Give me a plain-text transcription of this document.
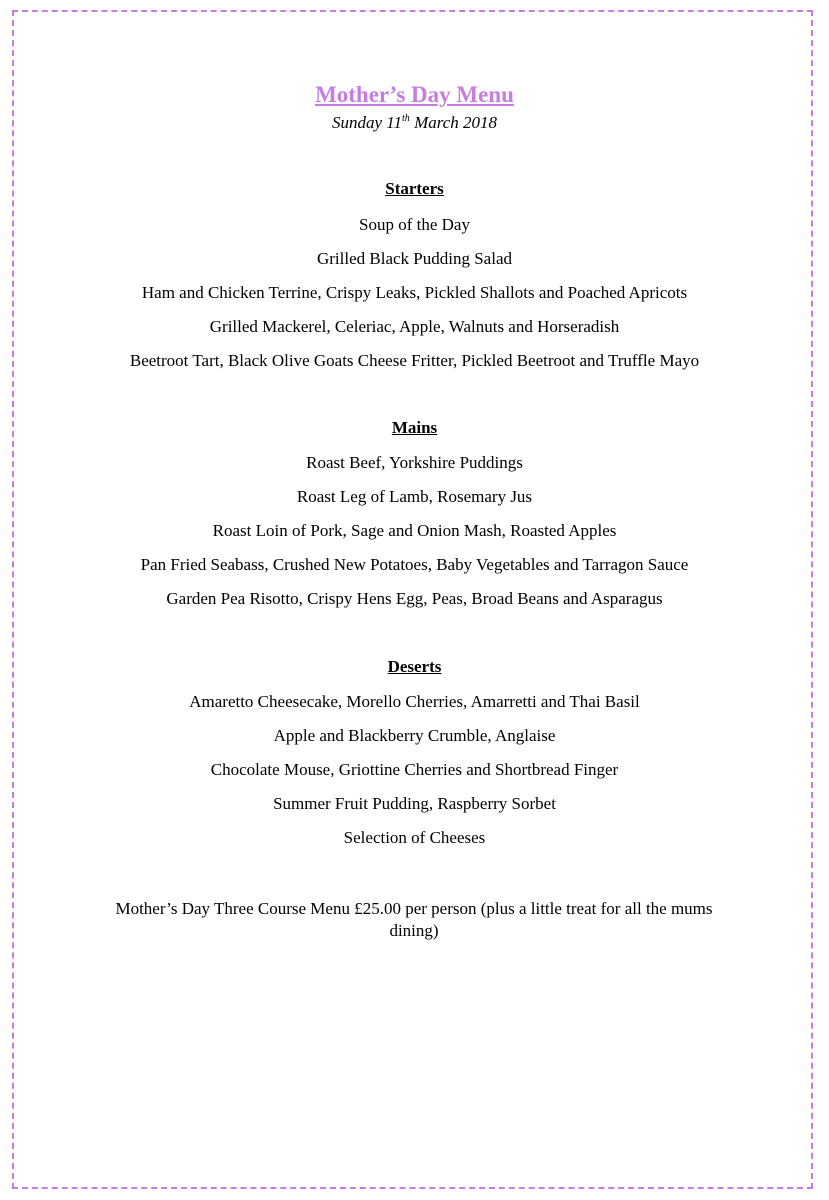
Mother’s Day Menu

Sunday 11th March 2018

Starters

Soup of the Day

Grilled Black Pudding Salad

Ham and Chicken Terrine, Crispy Leaks, Pickled Shallots and Poached Apricots

Grilled Mackerel, Celeriac, Apple, Walnuts and Horseradish

Beetroot Tart, Black Olive Goats Cheese Fritter, Pickled Beetroot and Truffle Mayo

Mains

Roast Beef, Yorkshire Puddings

Roast Leg of Lamb, Rosemary Jus

Roast Loin of Pork, Sage and Onion Mash, Roasted Apples

Pan Fried Seabass, Crushed New Potatoes, Baby Vegetables and Tarragon Sauce

Garden Pea Risotto, Crispy Hens Egg, Peas, Broad Beans and Asparagus

Deserts

Amaretto Cheesecake, Morello Cherries, Amarretti and Thai Basil

Apple and Blackberry Crumble, Anglaise

Chocolate Mouse, Griottine Cherries and Shortbread Finger

Summer Fruit Pudding, Raspberry Sorbet

Selection of Cheeses

Mother’s Day Three Course Menu £25.00 per person (plus a little treat for all the mums dining)
